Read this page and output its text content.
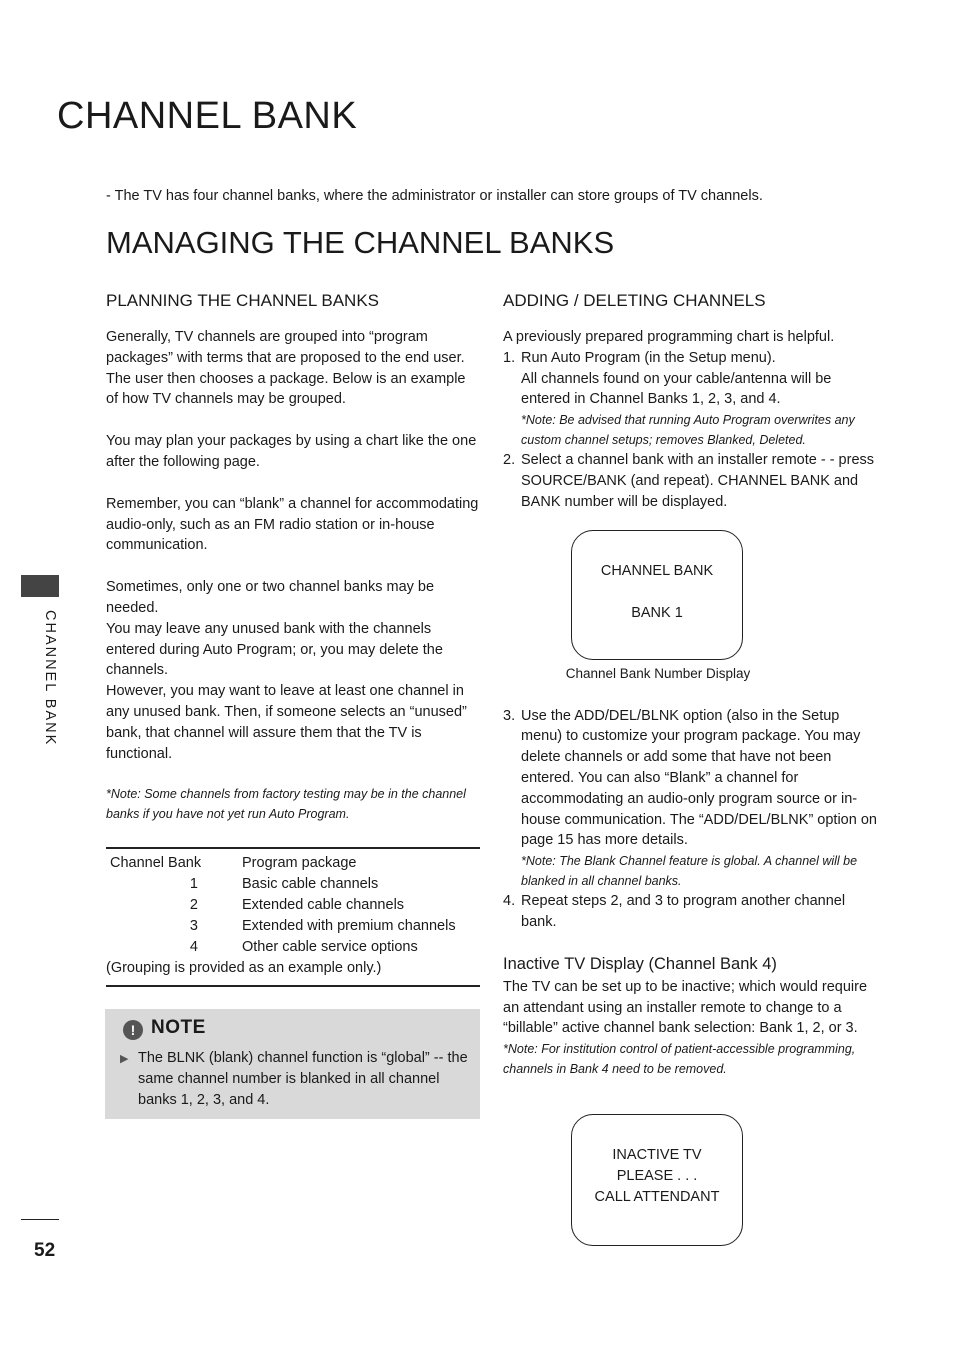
CHANNEL BANK
- The TV has four channel banks, where the administrator or installer can store groups of TV channels.
MANAGING THE CHANNEL BANKS
PLANNING THE CHANNEL BANKS

Generally, TV channels are grouped into “program packages” with terms that are proposed to the end user. The user then chooses a package. Below is an example of how TV channels may be grouped.

You may plan your packages by using a chart like the one after the following page.

Remember, you can “blank” a channel for accommodating audio-only, such as an FM radio station or in-house communication.

Sometimes, only one or two channel banks may be needed.

You may leave any unused bank with the channels entered during Auto Program; or, you may delete the channels.

However, you may want to leave at least one channel in any unused bank. Then, if someone selects an “unused” bank, that channel will assure them that the TV is functional.

*Note: Some channels from factory testing may be in the channel banks if you have not yet run Auto Program.

Channel Bank	Program package
1	Basic cable channels
2	Extended cable channels
3	Extended with premium channels
4	Other cable service options
(Grouping is provided as an example only.)
! NOTE
▶ The BLNK (blank) channel function is “global” -- the same channel number is blanked in all channel banks 1, 2, 3, and 4.
ADDING / DELETING CHANNELS

A previously prepared programming chart is helpful.

1. Run Auto Program (in the Setup menu).

All channels found on your cable/antenna will be entered in Channel Banks 1, 2, 3, and 4.

*Note: Be advised that running Auto Program overwrites any custom channel setups; removes Blanked, Deleted.

2. Select a channel bank with an installer remote - - press SOURCE/BANK (and repeat). CHANNEL BANK and BANK number will be displayed.
3. Use the ADD/DEL/BLNK option (also in the Setup menu) to customize your program package. You may delete channels or add some that have not been entered. You can also “Blank” a channel for accommodating an audio-only program source or in-house communication. The “ADD/DEL/BLNK” option on page 15 has more details.

*Note: The Blank Channel feature is global. A channel will be blanked in all channel banks.

4. Repeat steps 2, and 3 to program another channel bank.
Inactive TV Display (Channel Bank 4)

The TV can be set up to be inactive; which would require an attendant using an installer remote to change to a “billable” active channel bank selection: Bank 1, 2, or 3.

*Note: For institution control of patient-accessible programming, channels in Bank 4 need to be removed.

CHANNEL BANK
BANK 1
Channel Bank Number Display
INACTIVE TV
PLEASE . . .
CALL ATTENDANT
CHANNEL BANK
52
